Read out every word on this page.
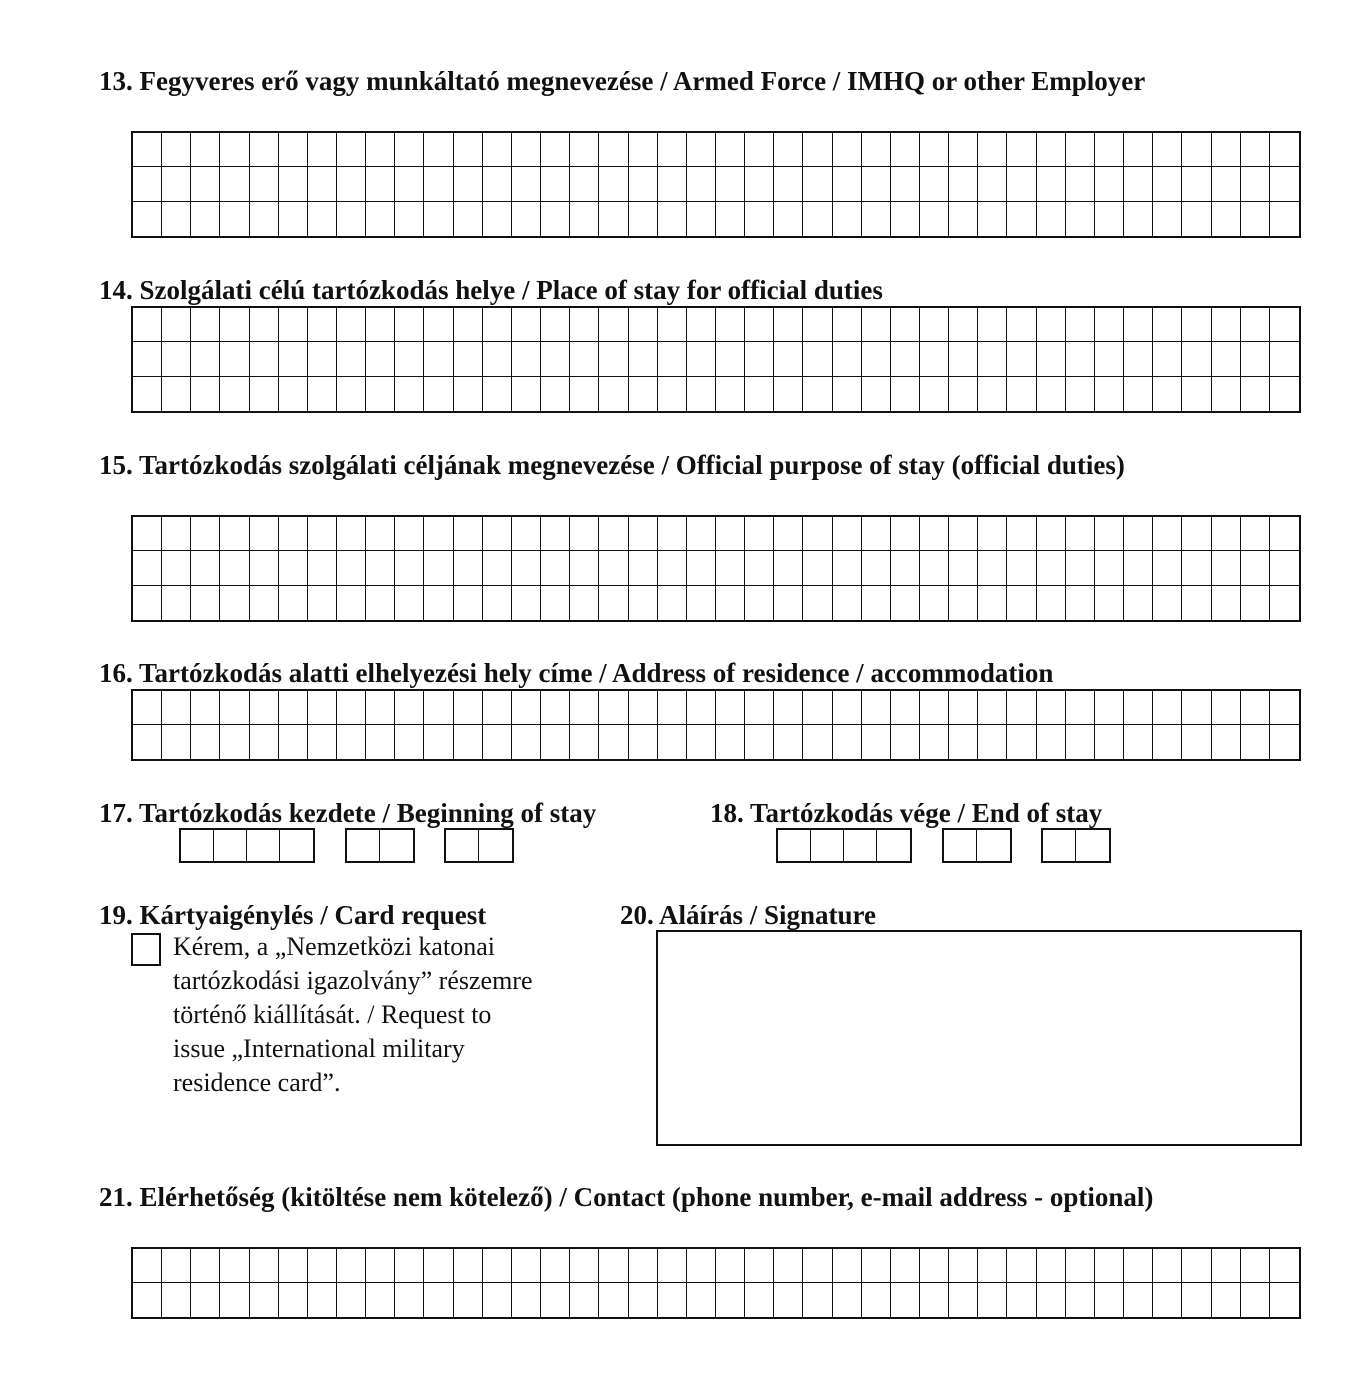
13. Fegyveres erő vagy munkáltató megnevezése / Armed Force / IMHQ or other Employer

14. Szolgálati célú tartózkodás helye / Place of stay for official duties

15. Tartózkodás szolgálati céljának megnevezése / Official purpose of stay (official duties)

16. Tartózkodás alatti elhelyezési hely címe / Address of residence / accommodation

17. Tartózkodás kezdete / Beginning of stay	18. Tartózkodás vége / End of stay

19. Kártyaigénylés / Card request

Kérem, a „Nemzetközi katonai
tartózkodási igazolvány” részemre
történő kiállítását. / Request to
issue „International military
residence card”.

20. Aláírás / Signature

21. Elérhetőség (kitöltése nem kötelező) / Contact (phone number, e-mail address - optional)
